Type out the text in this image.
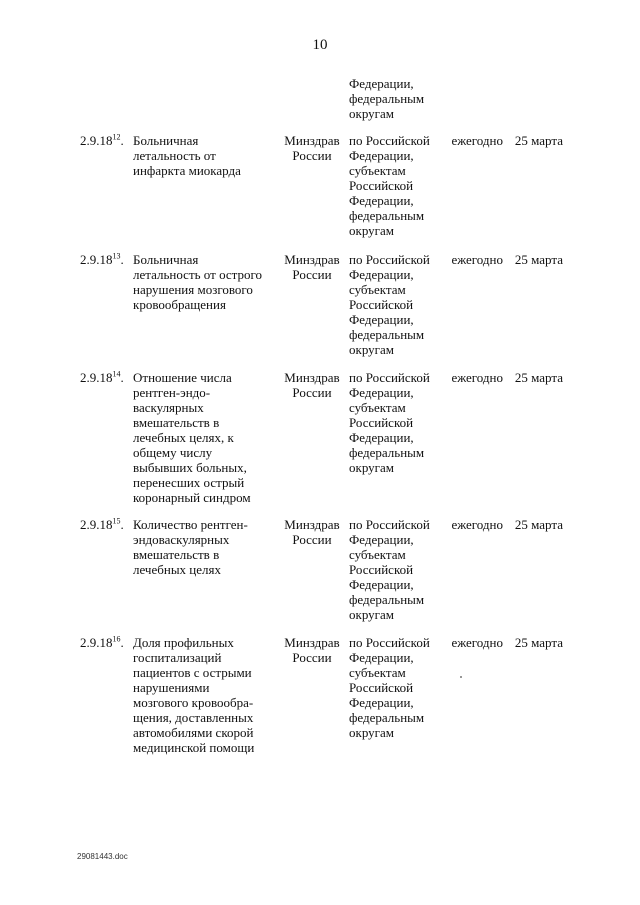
10
Федерации,
федеральным
округам
2.9.18$^{12}$. Больничная
летальность от
инфаркта миокарда
Минздрав
России
по Российской
Федерации,
субъектам
Российской
Федерации,
федеральным
округам
ежегодно 25 марта
2.9.18$^{13}$. Больничная
летальность от острого
нарушения мозгового
кровообращения
Минздрав
России
по Российской
Федерации,
субъектам
Российской
Федерации,
федеральным
округам
ежегодно 25 марта
2.9.18$^{14}$. Отношение числа
рентген-эндо-
васкулярных
вмешательств в
лечебных целях, к
общему числу
выбывших больных,
перенесших острый
коронарный синдром
Минздрав
России
по Российской
Федерации,
субъектам
Российской
Федерации,
федеральным
округам
ежегодно 25 марта
2.9.18$^{15}$. Количество рентген-
эндоваскулярных
вмешательств в
лечебных целях
Минздрав
России
по Российской
Федерации,
субъектам
Российской
Федерации,
федеральным
округам
ежегодно 25 марта
2.9.18$^{16}$. Доля профильных
госпитализаций
пациентов с острыми
нарушениями
мозгового кровообра-
щения, доставленных
автомобилями скорой
медицинской помощи
Минздрав
России
по Российской
Федерации,
субъектам
Российской
Федерации,
федеральным
округам
ежегодно 25 марта
29081443.doc
